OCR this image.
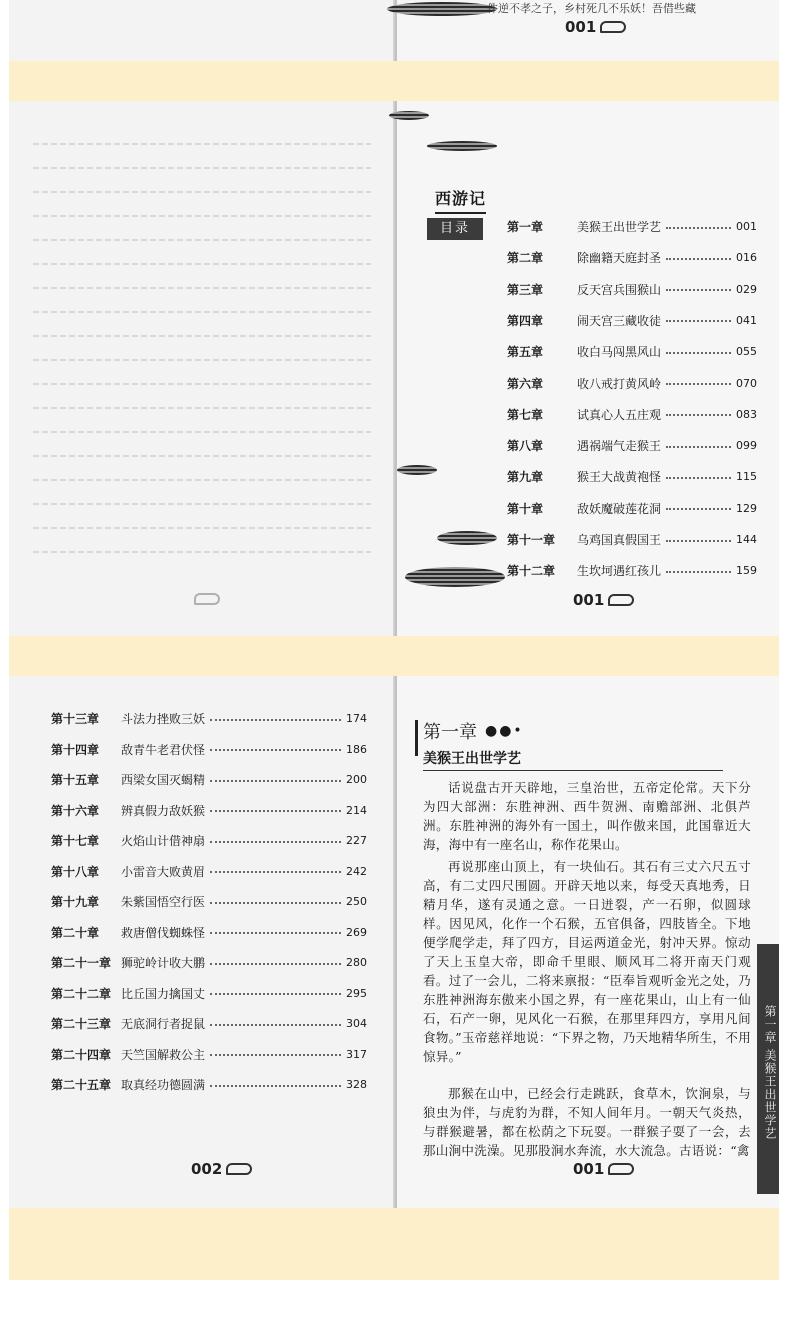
件逆不孝之子，乡村死几不乐妖！吾借些藏
001
西游记
目录	第一章	美猴王出世学艺	001
第二章	除幽籍天庭封圣	016
第三章	反天宫兵围猴山	029
第四章	闹天宫三藏收徒	041
第五章	收白马闯黑风山	055
第六章	收八戒打黄风岭	070
第七章	试真心人五庄观	083
第八章	遇祸端气走猴王	099
第九章	猴王大战黄袍怪	115
第十章	敌妖魔破莲花洞	129
第十一章	乌鸡国真假国王	144
第十二章	生坎坷遇红孩儿	159
001
第十三章	斗法力挫败三妖	174
第十四章	敌青牛老君伏怪	186
第十五章	西梁女国灭蝎精	200
第十六章	辨真假力敌妖猴	214
第十七章	火焰山计借神扇	227
第十八章	小雷音大败黄眉	242
第十九章	朱紫国悟空行医	250
第二十章	救唐僧伐蜘蛛怪	269
第二十一章 狮驼岭计收大鹏	280
第二十二章 比丘国力擒国丈	295
第二十三章 无底洞行者捉鼠	304
第二十四章 天竺国解救公主	317
第二十五章 取真经功德圆满	328
002
第一章 ●●•
美猴王出世学艺

话说盘古开天辟地，三皇治世，五帝定伦常。天下分为四大部洲：东胜神洲、西牛贺洲、南赡部洲、北俱芦洲。东胜神洲的海外有一国土，叫作傲来国，此国靠近大海，海中有一座名山，称作花果山。

再说那座山顶上，有一块仙石。其石有三丈六尺五寸高，有二丈四尺围圆。开辟天地以来，每受天真地秀，日精月华，遂有灵通之意。一日迸裂，产一石卵，似圆球样。因见风，化作一个石猴，五官俱备，四肢皆全。下地便学爬学走，拜了四方，目运两道金光，射冲天界。惊动了天上玉皇大帝，即命千里眼、顺风耳二将开南天门观看。过了一会儿，二将来禀报：“臣奉旨观听金光之处，乃东胜神洲海东傲来小国之界，有一座花果山，山上有一仙石，石产一卵，见风化一石猴，在那里拜四方，享用凡间食物。”玉帝慈祥地说：“下界之物，乃天地精华所生，不用惊异。”

那猴在山中，已经会行走跳跃，食草木，饮涧泉，与狼虫为伴，与虎豹为群，不知人间年月。一朝天气炎热，与群猴避暑，都在松荫之下玩耍。一群猴子耍了一会，去那山涧中洗澡。见那股涧水奔流，水大流急。古语说：“禽

第一章 美猴王出世学艺
001
